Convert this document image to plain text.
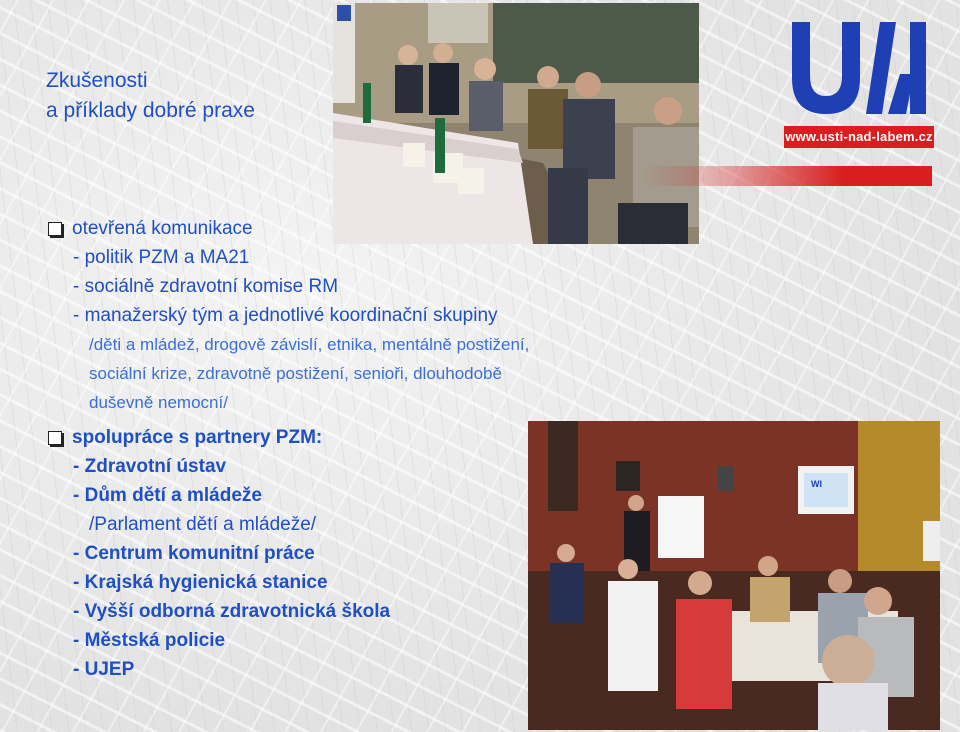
Zkušenosti
a příklady dobré praxe
www.usti-nad-labem.cz
WI
otevřená komunikace
- politik PZM a MA21
- sociálně zdravotní komise RM
- manažerský tým a jednotlivé koordinační skupiny
/děti a mládež, drogově závislí, etnika, mentálně postižení,
sociální krize, zdravotně postižení, senioři, dlouhodobě
duševně nemocní/
spolupráce s partnery PZM:
- Zdravotní ústav
- Dům dětí a mládeže
/Parlament dětí a mládeže/
- Centrum komunitní práce
- Krajská hygienická stanice
- Vyšší odborná zdravotnická škola
- Městská policie
- UJEP
